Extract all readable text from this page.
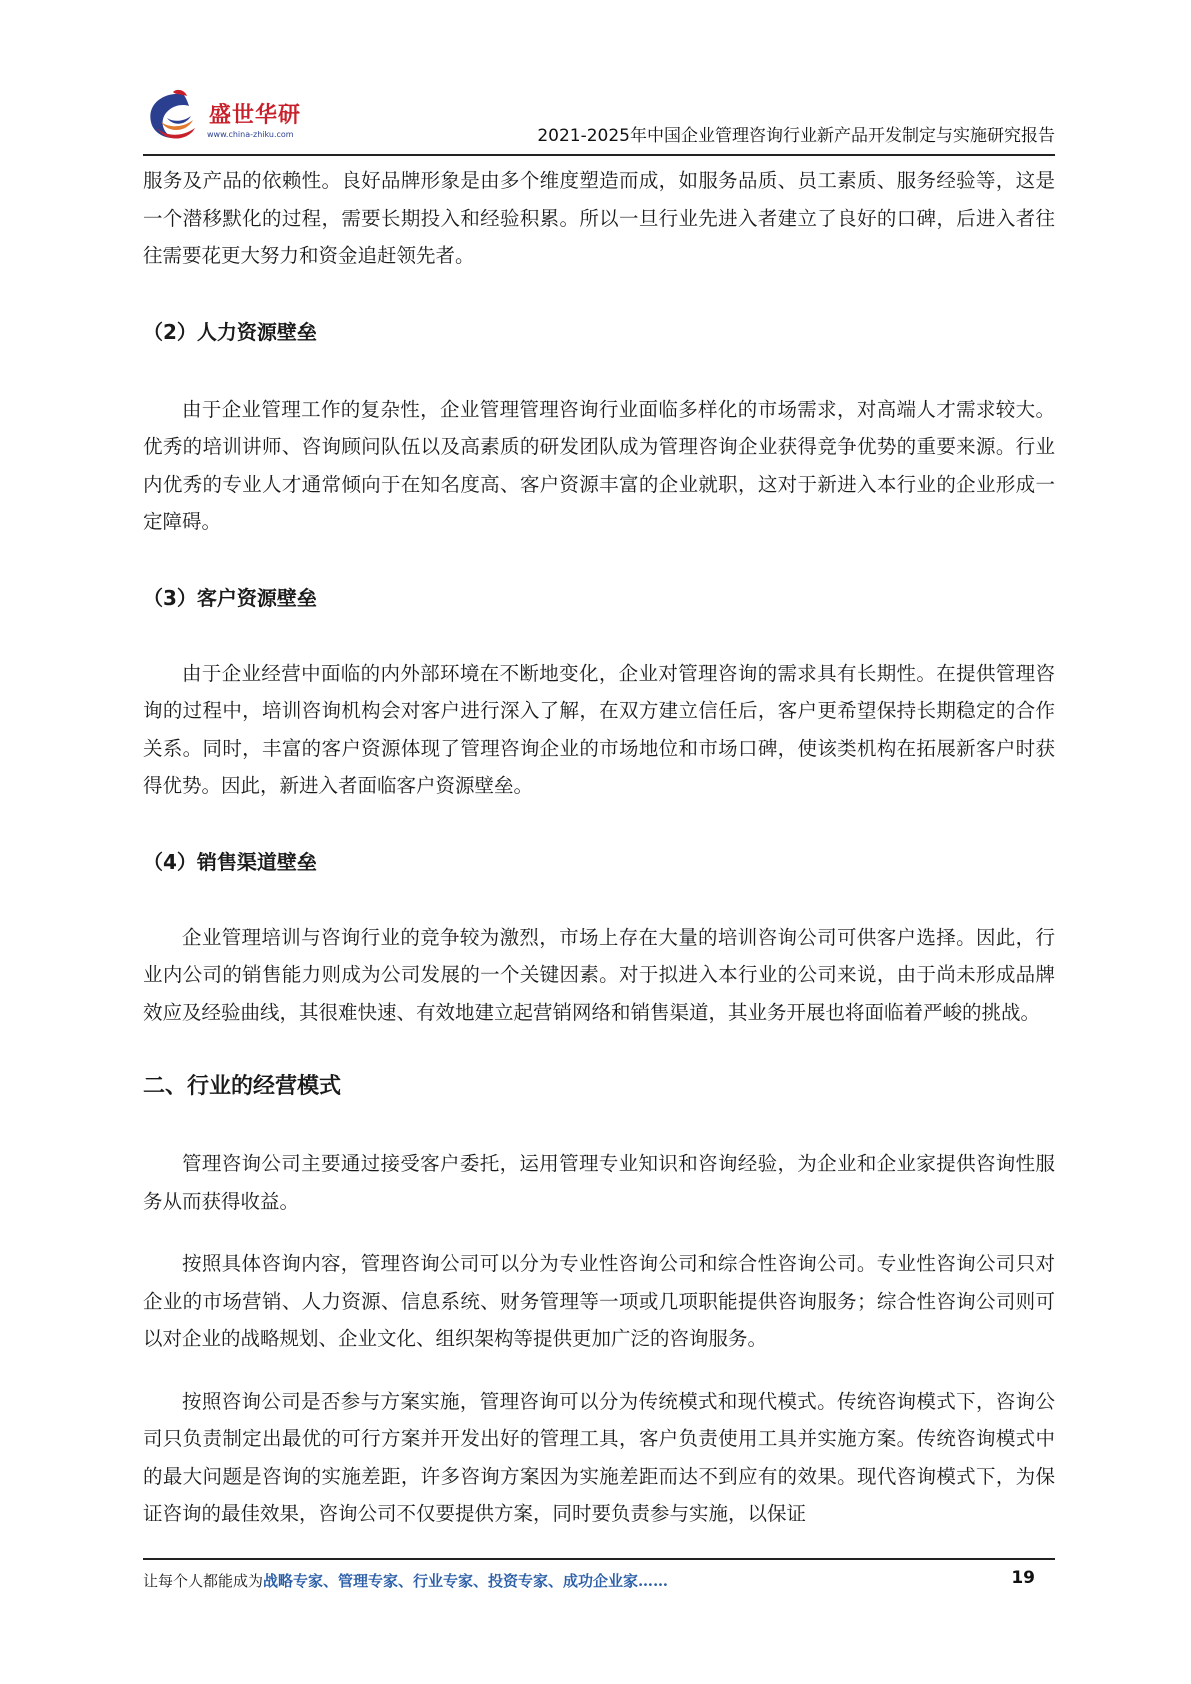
盛世华研
www.china-zhiku.com	2021-2025年中国企业管理咨询行业新产品开发制定与实施研究报告

服务及产品的依赖性。良好品牌形象是由多个维度塑造而成，如服务品质、员工素质、服务经验等，这是一个潜移默化的过程，需要长期投入和经验积累。所以一旦行业先进入者建立了良好的口碑，后进入者往往需要花更大努力和资金追赶领先者。

（2）人力资源壁垒

由于企业管理工作的复杂性，企业管理管理咨询行业面临多样化的市场需求，对高端人才需求较大。优秀的培训讲师、咨询顾问队伍以及高素质的研发团队成为管理咨询企业获得竞争优势的重要来源。行业内优秀的专业人才通常倾向于在知名度高、客户资源丰富的企业就职，这对于新进入本行业的企业形成一定障碍。

（3）客户资源壁垒

由于企业经营中面临的内外部环境在不断地变化，企业对管理咨询的需求具有长期性。在提供管理咨询的过程中，培训咨询机构会对客户进行深入了解，在双方建立信任后，客户更希望保持长期稳定的合作关系。同时，丰富的客户资源体现了管理咨询企业的市场地位和市场口碑，使该类机构在拓展新客户时获得优势。因此，新进入者面临客户资源壁垒。

（4）销售渠道壁垒

企业管理培训与咨询行业的竞争较为激烈，市场上存在大量的培训咨询公司可供客户选择。因此，行业内公司的销售能力则成为公司发展的一个关键因素。对于拟进入本行业的公司来说，由于尚未形成品牌效应及经验曲线，其很难快速、有效地建立起营销网络和销售渠道，其业务开展也将面临着严峻的挑战。

二、行业的经营模式

管理咨询公司主要通过接受客户委托，运用管理专业知识和咨询经验，为企业和企业家提供咨询性服务从而获得收益。

按照具体咨询内容，管理咨询公司可以分为专业性咨询公司和综合性咨询公司。专业性咨询公司只对企业的市场营销、人力资源、信息系统、财务管理等一项或几项职能提供咨询服务；综合性咨询公司则可以对企业的战略规划、企业文化、组织架构等提供更加广泛的咨询服务。

按照咨询公司是否参与方案实施，管理咨询可以分为传统模式和现代模式。传统咨询模式下，咨询公司只负责制定出最优的可行方案并开发出好的管理工具，客户负责使用工具并实施方案。传统咨询模式中的最大问题是咨询的实施差距，许多咨询方案因为实施差距而达不到应有的效果。现代咨询模式下，为保证咨询的最佳效果，咨询公司不仅要提供方案，同时要负责参与实施，以保证

让每个人都能成为战略专家、管理专家、行业专家、投资专家、成功企业家……	19
